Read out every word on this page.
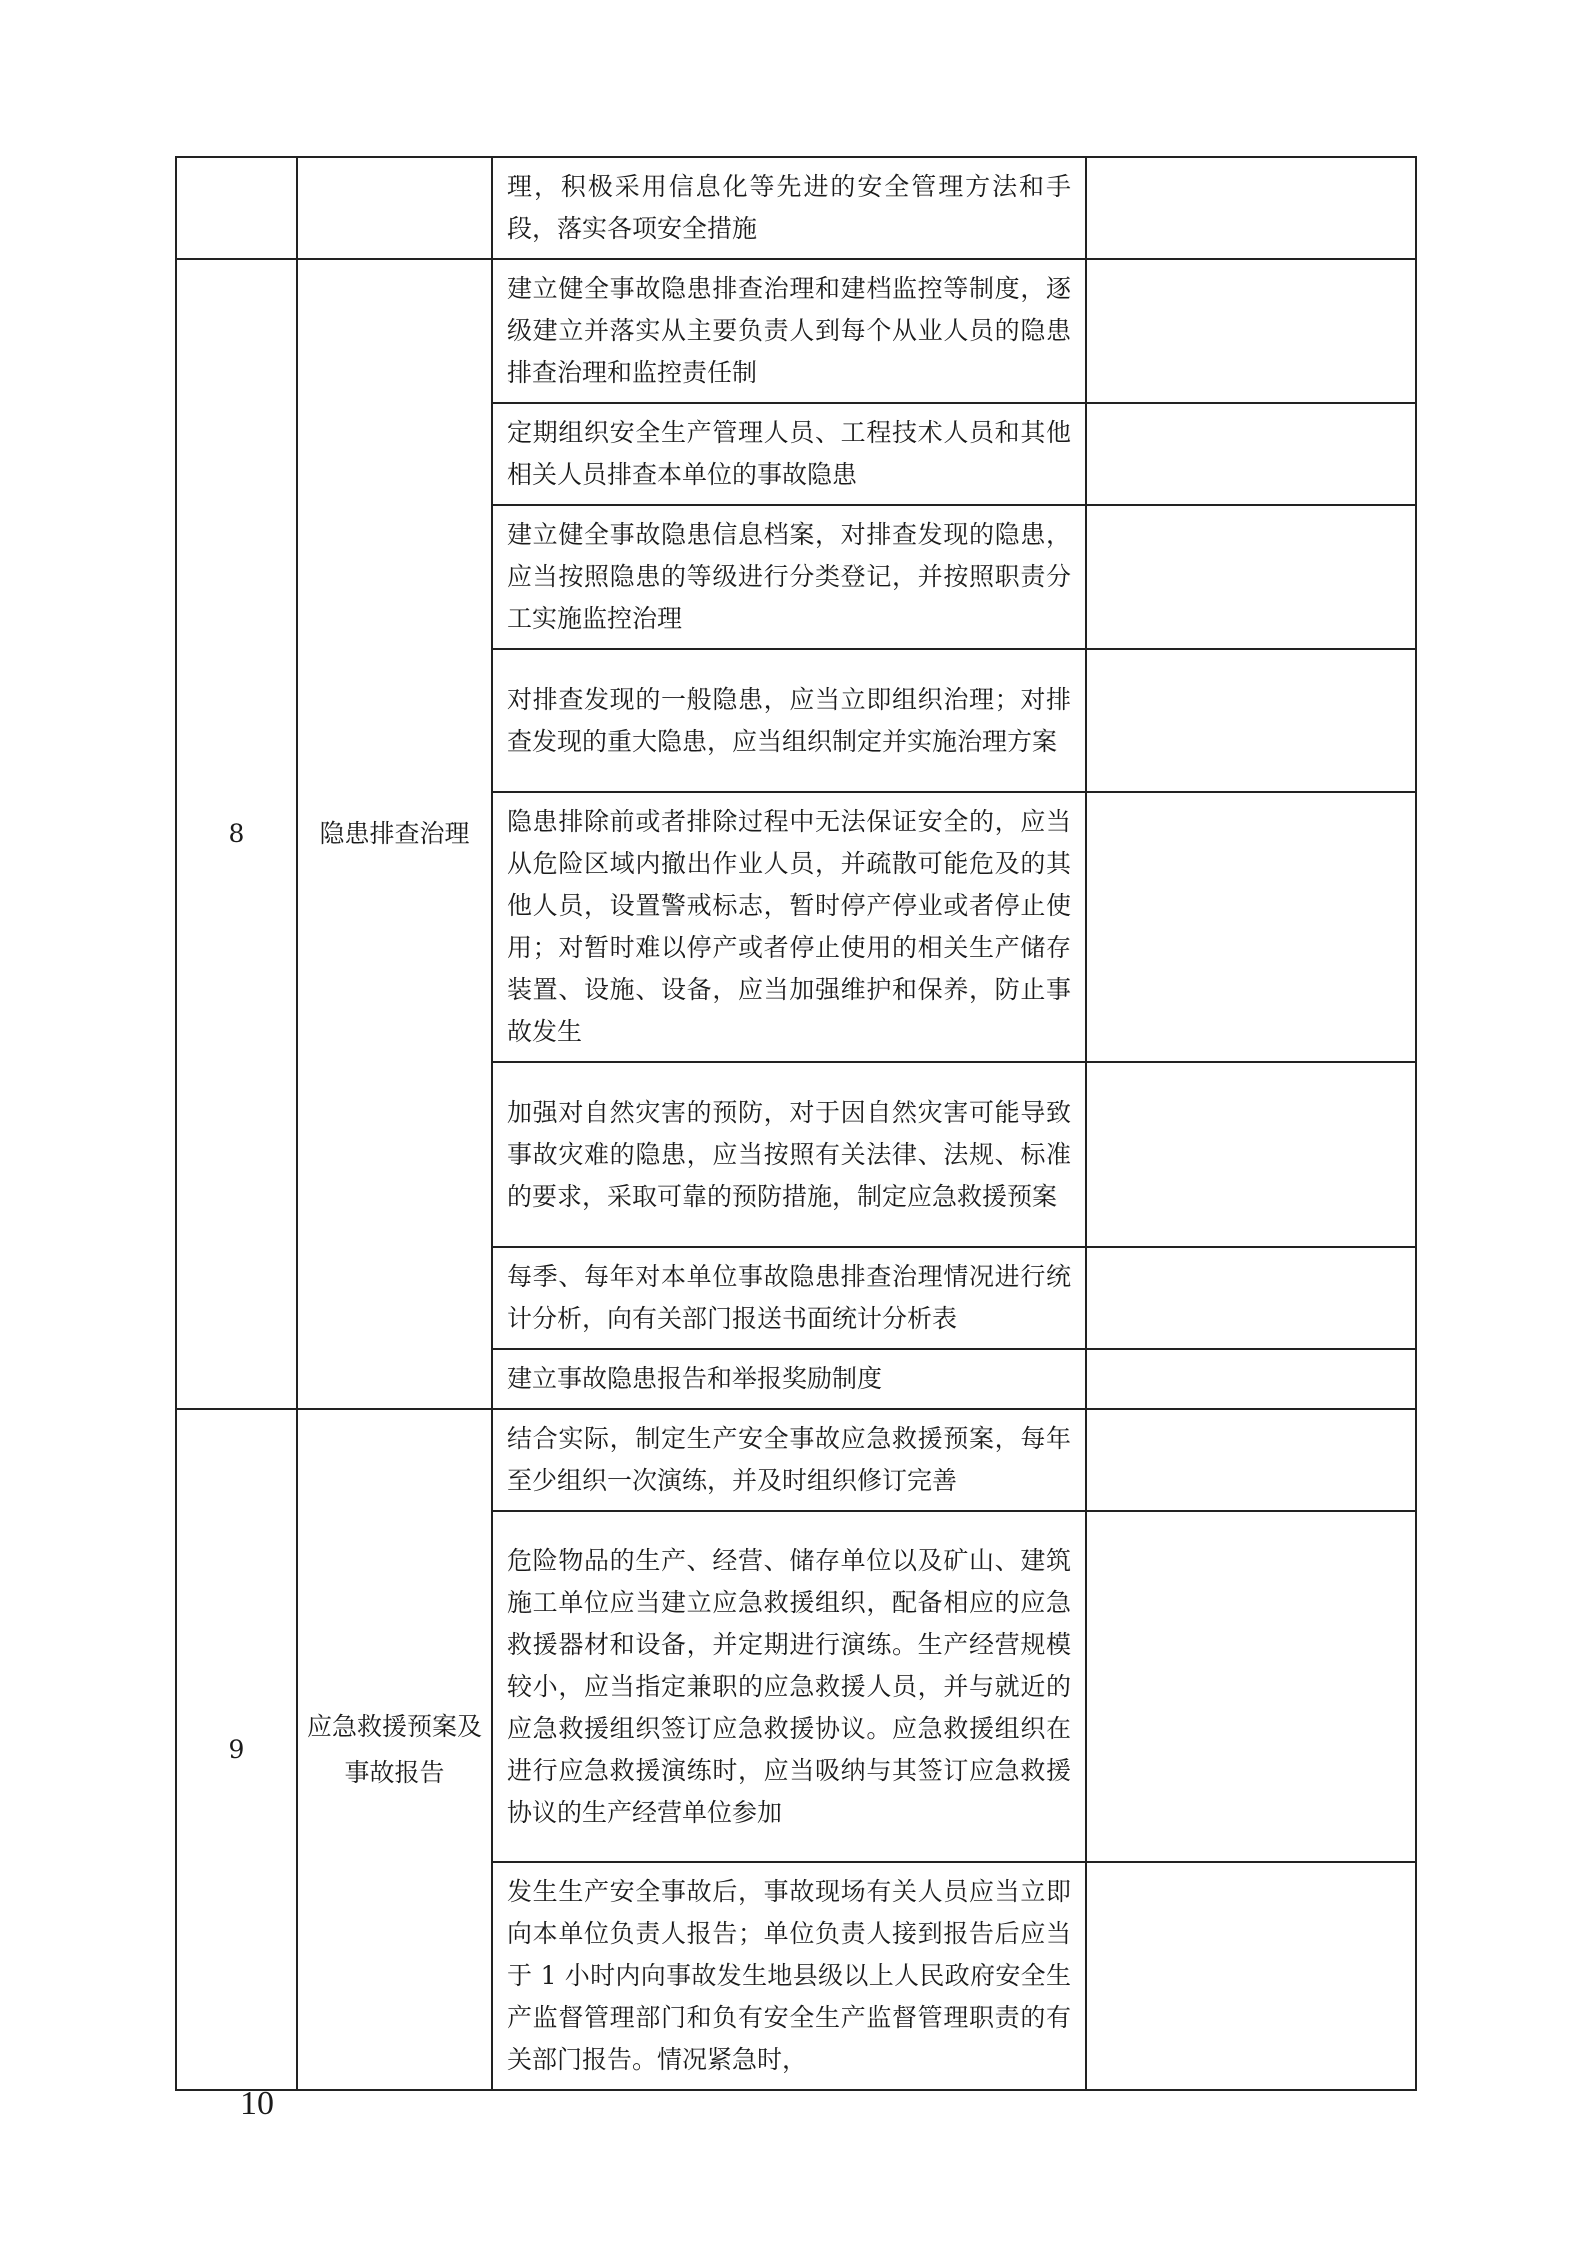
		理，积极采用信息化等先进的安全管理方法和手段，落实各项安全措施	
8	隐患排查治理	建立健全事故隐患排查治理和建档监控等制度，逐级建立并落实从主要负责人到每个从业人员的隐患排查治理和监控责任制	
		定期组织安全生产管理人员、工程技术人员和其他相关人员排查本单位的事故隐患	
		建立健全事故隐患信息档案，对排查发现的隐患，应当按照隐患的等级进行分类登记，并按照职责分工实施监控治理	
		对排查发现的一般隐患，应当立即组织治理；对排查发现的重大隐患，应当组织制定并实施治理方案	
		隐患排除前或者排除过程中无法保证安全的，应当从危险区域内撤出作业人员，并疏散可能危及的其他人员，设置警戒标志，暂时停产停业或者停止使用；对暂时难以停产或者停止使用的相关生产储存装置、设施、设备，应当加强维护和保养，防止事故发生	
		加强对自然灾害的预防，对于因自然灾害可能导致事故灾难的隐患，应当按照有关法律、法规、标准的要求，采取可靠的预防措施，制定应急救援预案	
		每季、每年对本单位事故隐患排查治理情况进行统计分析，向有关部门报送书面统计分析表	
		建立事故隐患报告和举报奖励制度	
9	应急救援预案及事故报告	结合实际，制定生产安全事故应急救援预案，每年至少组织一次演练，并及时组织修订完善	
		危险物品的生产、经营、储存单位以及矿山、建筑施工单位应当建立应急救援组织，配备相应的应急救援器材和设备，并定期进行演练。生产经营规模较小，应当指定兼职的应急救援人员，并与就近的应急救援组织签订应急救援协议。应急救援组织在进行应急救援演练时，应当吸纳与其签订应急救援协议的生产经营单位参加	
		发生生产安全事故后，事故现场有关人员应当立即向本单位负责人报告；单位负责人接到报告后应当于 1 小时内向事故发生地县级以上人民政府安全生产监督管理部门和负有安全生产监督管理职责的有关部门报告。情况紧急时，	
10
